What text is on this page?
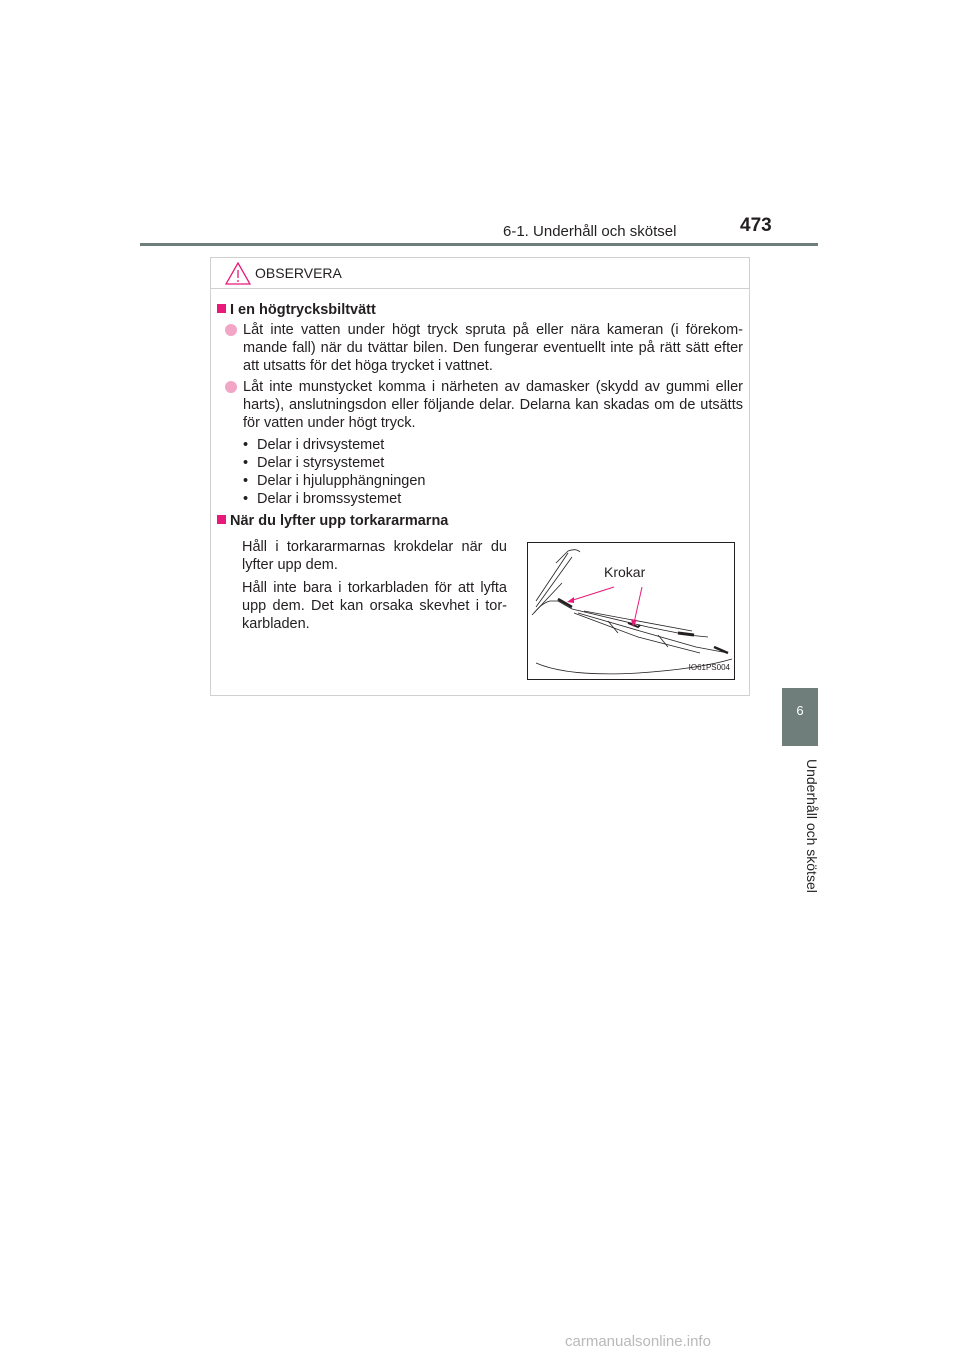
6-1. Underhåll och skötsel	473
6
Underhåll och skötsel
OBSERVERA
I en högtrycksbiltvätt
Låt inte vatten under högt tryck spruta på eller nära kameran (i förekom-mande fall) när du tvättar bilen. Den fungerar eventuellt inte på rätt sätt efter att utsatts för det höga trycket i vattnet.
Låt inte munstycket komma i närheten av damasker (skydd av gummi eller harts), anslutningsdon eller följande delar. Delarna kan skadas om de utsätts för vatten under högt tryck.
• Delar i drivsystemet
• Delar i styrsystemet
• Delar i hjulupphängningen
• Delar i bromssystemet
När du lyfter upp torkararmarna
Håll i torkararmarnas krokdelar när du lyfter upp dem.
Håll inte bara i torkarbladen för att lyfta upp dem. Det kan orsaka skevhet i tor-karbladen.
Krokar
IO61PS004
carmanualsonline.info
